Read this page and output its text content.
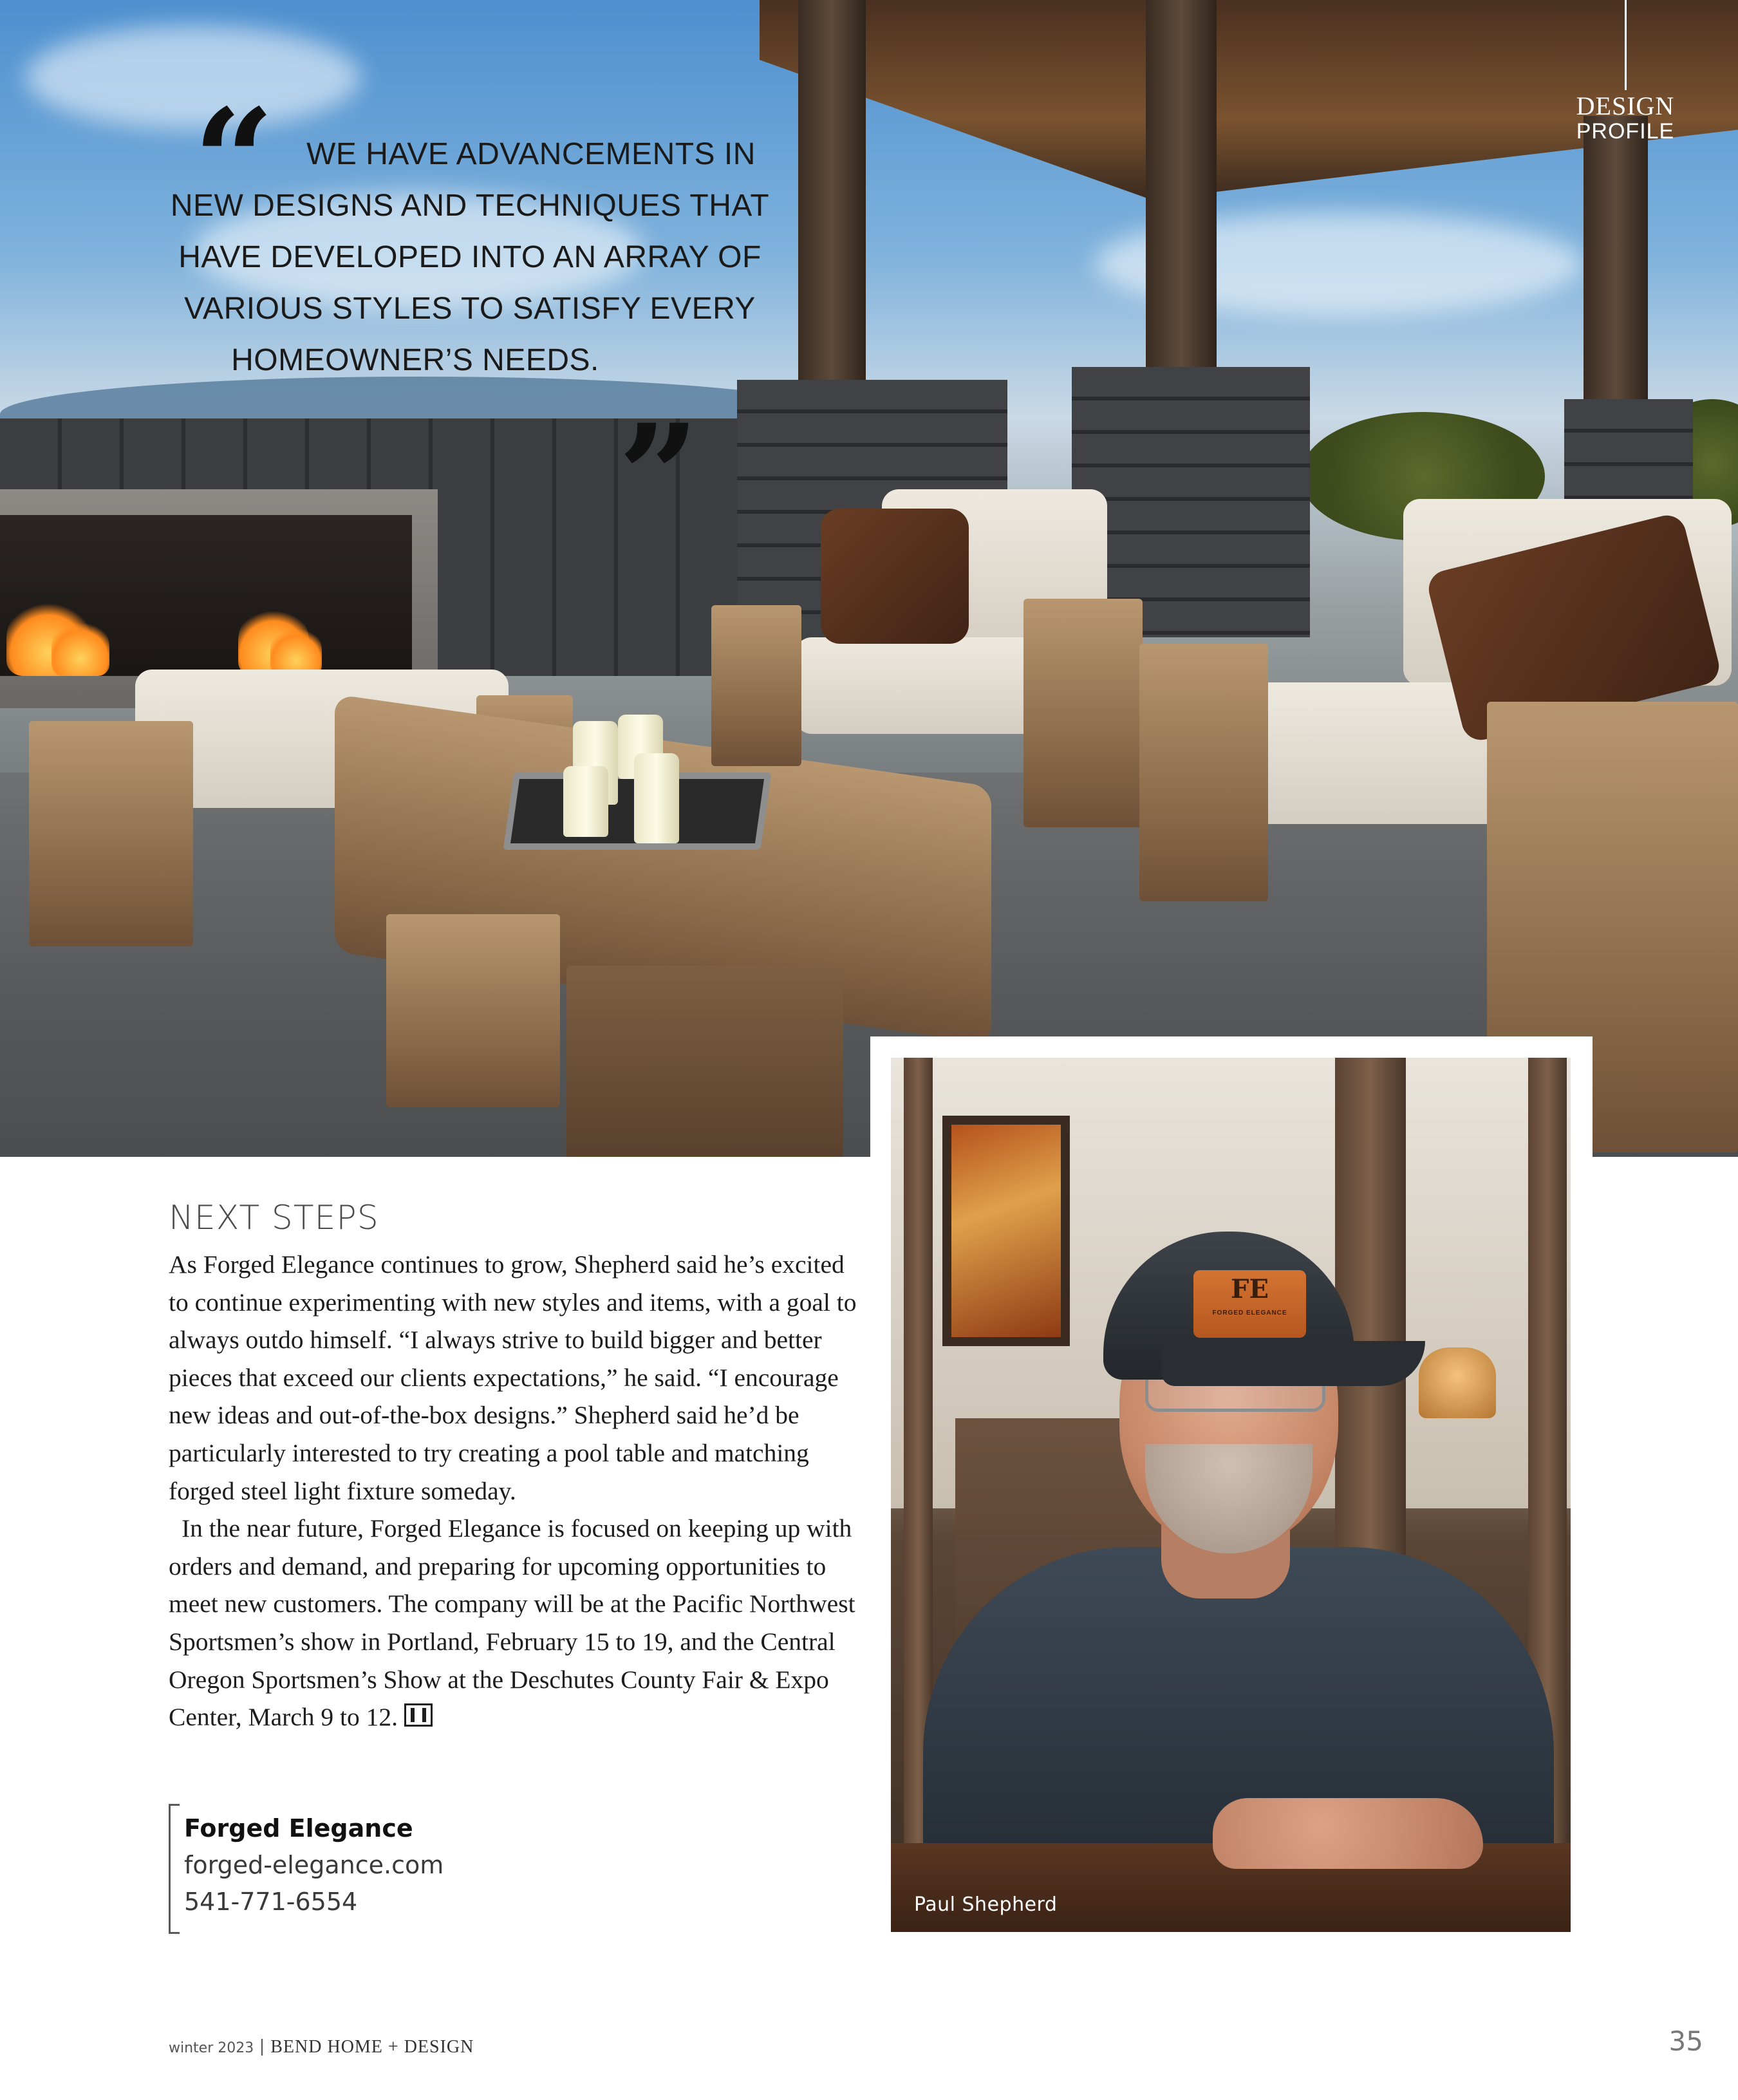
DESIGN
PROFILE
“	WE HAVE ADVANCEMENTS IN NEW DESIGNS AND TECHNIQUES THAT HAVE DEVELOPED INTO AN ARRAY OF VARIOUS STYLES TO SATISFY EVERY HOMEOWNER’S NEEDS.
”
FE
FORGED ELEGANCE
Paul Shepherd
NEXT STEPS

As Forged Elegance continues to grow, Shepherd said he’s excited to continue experimenting with new styles and items, with a goal to always outdo himself. “I always strive to build bigger and better pieces that exceed our clients expectations,” he said. “I encourage new ideas and out-of-the-box designs.” Shepherd said he’d be particularly interested to try creating a pool table and matching forged steel light fixture someday.

In the near future, Forged Elegance is focused on keeping up with orders and demand, and preparing for upcoming opportunities to meet new customers. The company will be at the Pacific Northwest Sportsmen’s show in Portland, February 15 to 19, and the Central Oregon Sportsmen’s Show at the Deschutes County Fair & Expo Center, March 9 to 12.

Forged Elegance
forged-elegance.com
541-771-6554
winter 2023 BEND HOME + DESIGN	35
